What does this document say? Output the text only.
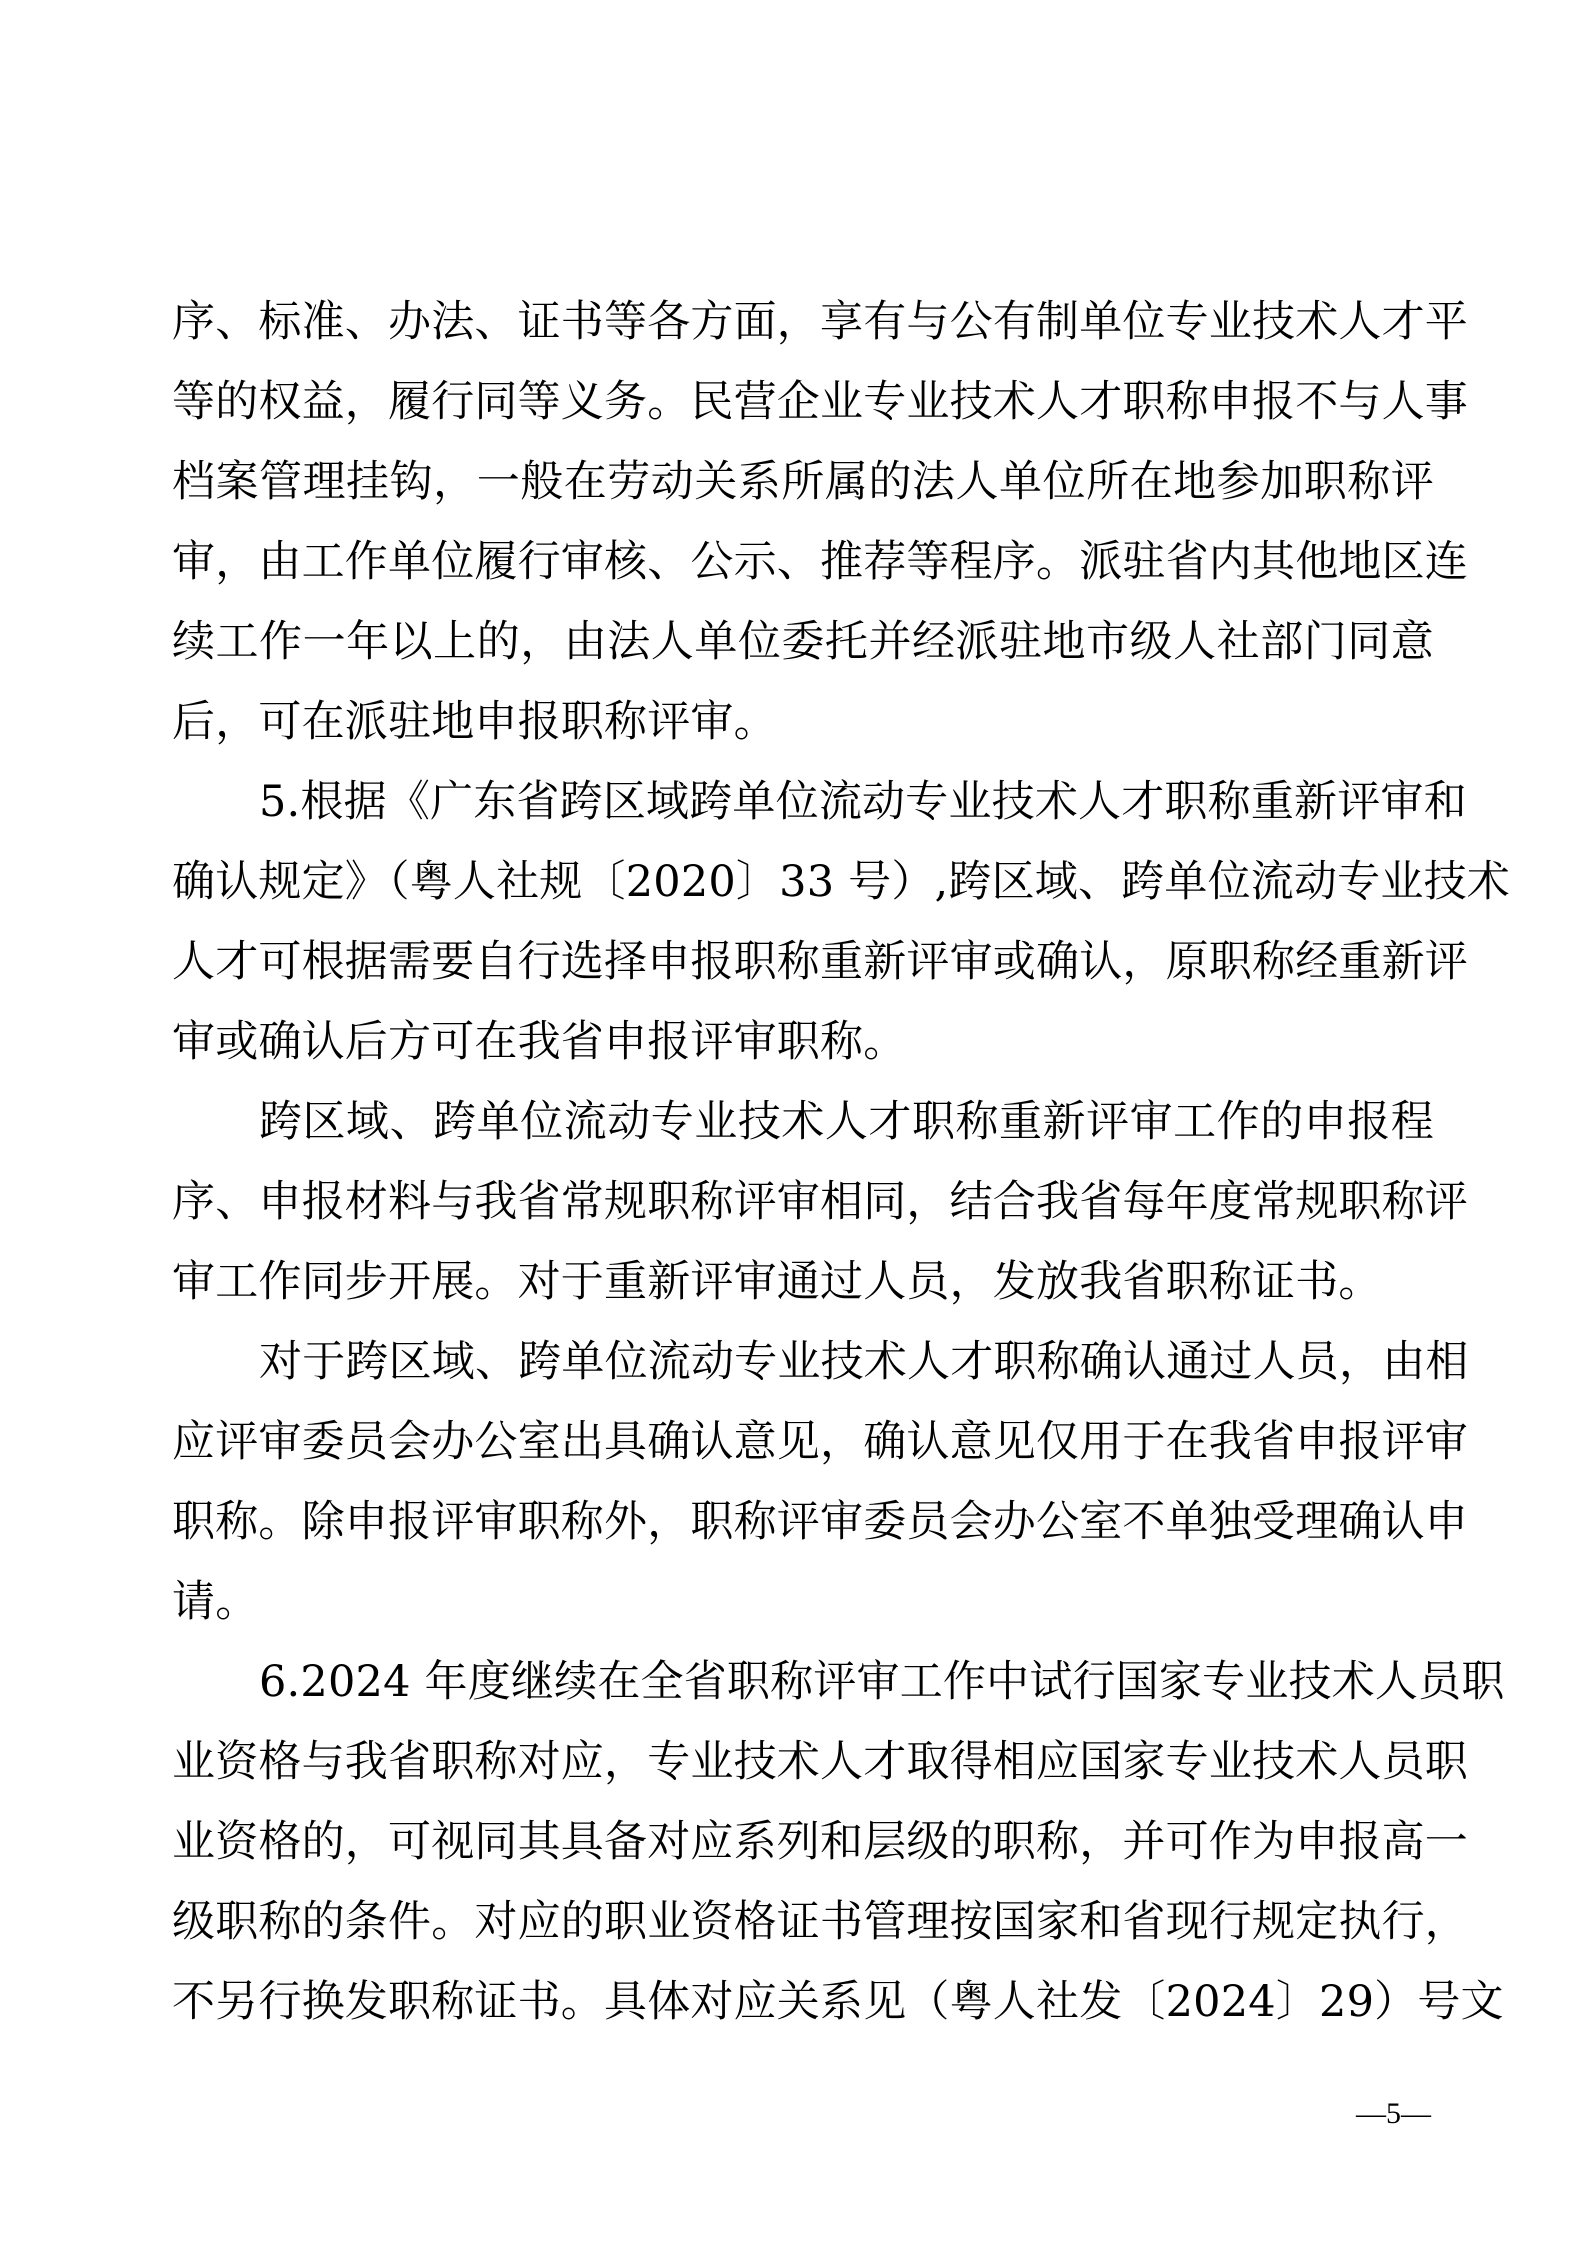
序、标准、办法、证书等各方面，享有与公有制单位专业技术人才平
等的权益，履行同等义务。民营企业专业技术人才职称申报不与人事
档案管理挂钩，一般在劳动关系所属的法人单位所在地参加职称评
审，由工作单位履行审核、公示、推荐等程序。派驻省内其他地区连
续工作一年以上的，由法人单位委托并经派驻地市级人社部门同意
后，可在派驻地申报职称评审。
5.根据《广东省跨区域跨单位流动专业技术人才职称重新评审和
确认规定》（粤人社规〔2020〕33 号）,跨区域、跨单位流动专业技术
人才可根据需要自行选择申报职称重新评审或确认，原职称经重新评
审或确认后方可在我省申报评审职称。
跨区域、跨单位流动专业技术人才职称重新评审工作的申报程
序、申报材料与我省常规职称评审相同，结合我省每年度常规职称评
审工作同步开展。对于重新评审通过人员，发放我省职称证书。
对于跨区域、跨单位流动专业技术人才职称确认通过人员，由相
应评审委员会办公室出具确认意见，确认意见仅用于在我省申报评审
职称。除申报评审职称外，职称评审委员会办公室不单独受理确认申
请。
6.2024 年度继续在全省职称评审工作中试行国家专业技术人员职
业资格与我省职称对应，专业技术人才取得相应国家专业技术人员职
业资格的，可视同其具备对应系列和层级的职称，并可作为申报高一
级职称的条件。对应的职业资格证书管理按国家和省现行规定执行，
不另行换发职称证书。具体对应关系见（粤人社发〔2024〕29）号文
—5—
